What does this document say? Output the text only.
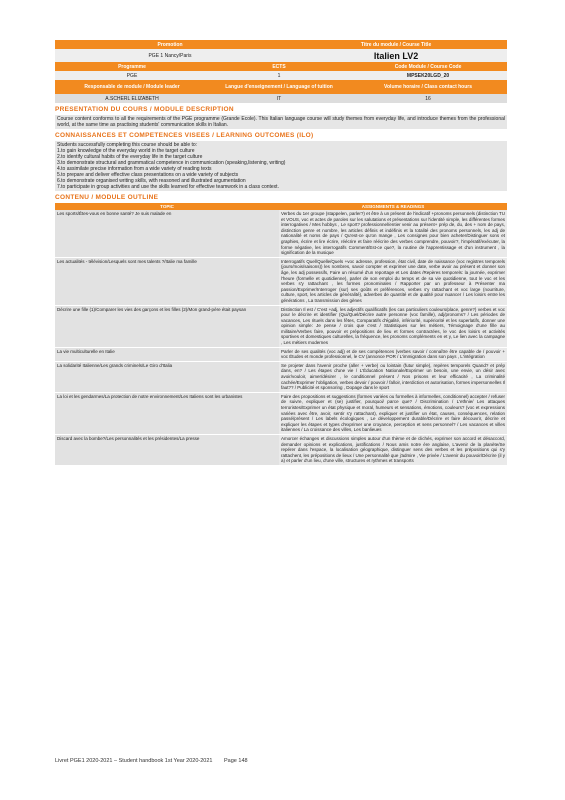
Promotion		Titre du module / Course Title	
PGE 1 Nancy/Paris		Italien LV2	
Programme	ECTS		Code Module / Course Code
PGE	1		MPSEK20LGD_20
Responsable de module / Module leader	Langue d'enseignement / Language of tuition		Volume horaire / Class contact hours
A.SCHERL ELIZABETH	IT		16
PRESENTATION DU COURS / MODULE DESCRIPTION
Course content conforms to all the requirements of the PGE programme (Grande Ecole). This Italian language course will study themes from everyday life, and introduce themes from the professional world, at the same time as practising students' communication skills in Italian.
CONNAISSANCES ET COMPETENCES VISEES / LEARNING OUTCOMES (ILO)
Students successfully completing this course should be able to:
1.to gain knowledge of the everyday world in the target culture
2.to identify cultural habits of the everyday life in the target culture
3.to demonstrate structural and grammatical competence in communication (speaking,listening, writing)
4.to assimilate precise information from a wide variety of reading texts
5.to prepare and deliver effective class presentations on a wide variety of subjects
6.to demonstrate organised writing skills, with reasoned and illustrated argumentation
7.to participate in group activities and use the skills learned for effective teamwork in a class context.
CONTENU / MODULE OUTLINE
TOPIC	ASSIGNMENTS & READINGS
Les sports/Êtes-vous en bonne santé? Je suis malade en	Verbes du 1er groupe (stappelen, parler?) et être à un présent de l'indicatif +pronoms personnels (distinction TU et VOUS, voc et actes de paroles sur les salutations et présentations sur l'identité simple, les différentes formes interrogatives / Mes hobbys , Le sport? professionnel/entier venir au présent+ prép de, du, des + nom de pays, distinction genre et nombre, les articles définis et indéfinis et la totalité des pronoms personnels, les adj de nationalité et noms de pays / Qu'est-ce qu'on mange , Les consignes pour bien acheter/Distinguer sons et graphies, écrire et lire écrire, réécrire et faire réécrire des verbes comprendre, pouvoir?, l'impératif/exécuter, la forme négative, les interrogatifs Comment/Est-ce que?, la routine de l'apprentissage et d'un instrument , la signification de la musique
Les actualités - télévision/Lesquels sont mes talents ?/Italie ma famille	Interrogatifs Quel/Quelle/Quels +voc adresse, profession, état civil, date de naissance (voc registres temporels (jours/mois/saisons)) les nombres, savoir compter et exprimer une date, verbe avoir au présent et donner son âge, les adj possessifs, Faire un résumé d'un reportage et Les dates /Repères temporels: la journée, exprimer l'heure (formelle et quotidienne), parler de son emploi du temps et de sa vie quotidienne, tout le voc et les verbes s'y rattachant , les formes pronominales / Rapporter par un professeur à Présenter ma passion/Exprimer/Interroger (sur) ses goûts et préférences, verbes s'y rattachant et voc large (nourriture, culture, sport, les articles de généralité), adverbes de quantité et de qualité pour nuancer / Les loisirs entre les générations , La transmission des gènes
Décrire une fille (1)/Comparer les vies des garçons et les filles (2)/Mon grand-père était paysan	Distinction Il est / C'est +adj, les adjectifs qualificatifs (les cas particuliers couleurs/place, genre?) verbes et voc pour le décrire et identifier (Qui/Quel/Décrire autre personne (voc famille), adj/pronoms? / Les périodes de vacances, Les rituels dans les fêtes, Comparatifs d'égalité, infériorité, supériorité et les superlatifs, donner une opinion simple: Je pense / crois que c'est / Statistiques sur les métiers, Témoignage d'une fille au militaire/Verbes faire, pouvoir et prépositions de lieu et formes contractées, le voc des loisirs et activités sportives et domestiques culturelles, la fréquence, les pronoms compléments en et y, Le lien avec la campagne , Les métiers modernes
La vie multiculturelle en Italie	Parler de ses qualités (voc adj) et de ses compétences (verbes savoir / connaître être capable de / pouvoir + voc Études et monde professionnel, le CV (annonce POR / L'immigration dans son pays , L'intégration
La solidarité Italienne/Les grands criminels/Le Giro d'Italia	Se projeter dans l'avenir proche (aller + verbe) ou lointain (futur simple), repères temporels Quand? et prép dans, en? / Les étapes d'une vie / L'Éducation Nationale/Exprimer un besoin, une envie, un désir avec avoir/vouloir, aimer/désirer , le conditionnel présent / Nos prisons et leur efficacité , La criminalité cachée/Exprimer l'obligation, verbes devoir / pouvoir / falloir, interdiction et autorisation, formes impersonnelles Il faut?? / Publicité et sponsoring , Dopage dans le sport
La loi et les gendarmes/La protection de notre environnement/Les Italiens sont les urbanistes	Faire des propositions et suggestions (formes variées ou formelles à informelles, conditionnel) accepter / refuser de suivre, expliquer et (se) justifier, pourquoi/ parce que? / Discrimination / L'ethnie/ Les attaques terroristes/Exprimer un état physique et moral, humeurs et sensations, émotions, couleurs? (voc et expressions variées avec être, avoir, sentir s'y rattachant), expliquer et justifier un état, causes, conséquences, relation passé/présent / Les labels écologiques , Le développement durable/Décrire et faire découvrir, décrire et expliquer les étapes et types d'exprimer une croyance, perception et sens personnel? / Les vacances et villes italiennes / La croissance des villes, Les banlieues
Discard avec la bombe?/Les personnalités et les présidentes/La presse	Amorcer échanges et discussions simples autour d'un thème et de clichés, exprimer son accord et désaccord, demander opinions et explications, justifications / Nous amis notre ère anglaise, L'avenir de la planète/Se repérer dans l'espace, la localisation géographique, distinguer sens des verbes et les prépositions qui s'y rattachent, les prépositions de lieux / Une personnalité que j'admire , Vie privée / L'avenir du pouvoir/Décrire (il y a) et parler d'un lieu, d'une ville, structures et rythmes et transports
Livret PGE1 2020-2021 – Student handbook 1st Year 2020-2021 Page 148
